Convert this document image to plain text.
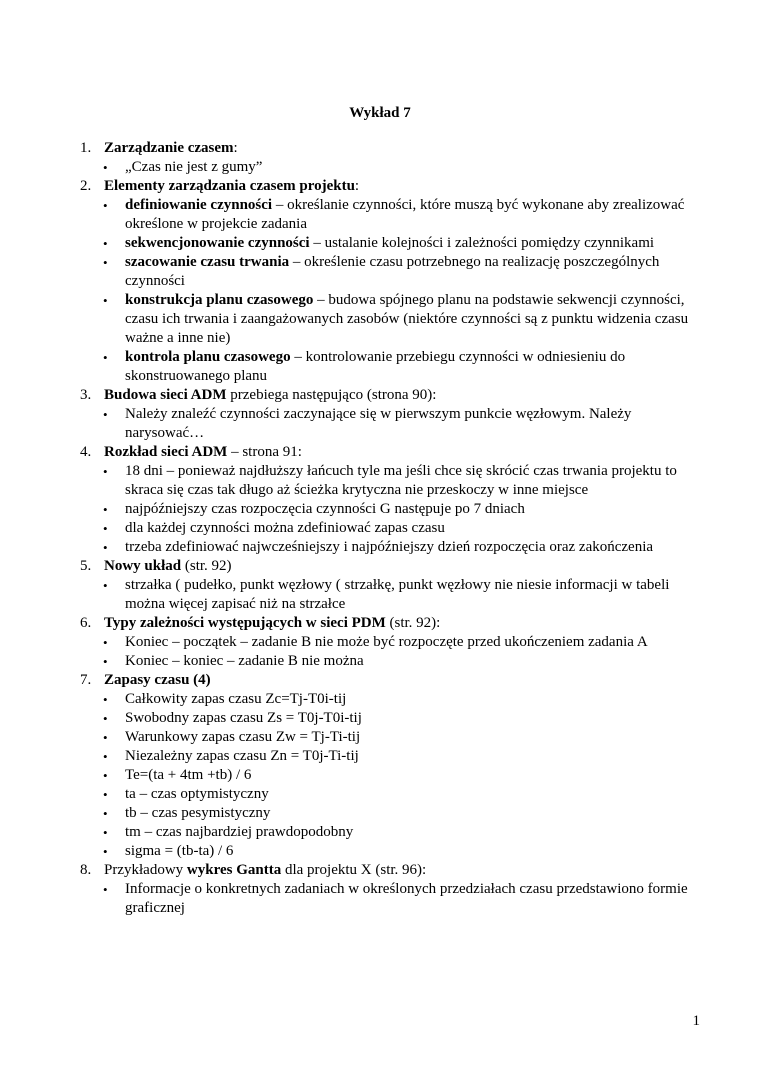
Wykład 7
1. Zarządzanie czasem:
• „Czas nie jest z gumy”
2. Elementy zarządzania czasem projektu:
• definiowanie czynności – określanie czynności, które muszą być wykonane aby zrealizować określone w projekcie zadania
• sekwencjonowanie czynności – ustalanie kolejności i zależności pomiędzy czynnikami
• szacowanie czasu trwania – określenie czasu potrzebnego na realizację poszczególnych czynności
• konstrukcja planu czasowego – budowa spójnego planu na podstawie sekwencji czynności, czasu ich trwania i zaangażowanych zasobów (niektóre czynności są z punktu widzenia czasu ważne a inne nie)
• kontrola planu czasowego – kontrolowanie przebiegu czynności w odniesieniu do skonstruowanego planu
3. Budowa sieci ADM przebiega następująco (strona 90):
• Należy znaleźć czynności zaczynające się w pierwszym punkcie węzłowym. Należy narysować…
4. Rozkład sieci ADM – strona 91:
• 18 dni – ponieważ najdłuższy łańcuch tyle ma jeśli chce się skrócić czas trwania projektu to skraca się czas tak długo aż ścieżka krytyczna nie przeskoczy w inne miejsce
• najpóźniejszy czas rozpoczęcia czynności G następuje po 7 dniach
• dla każdej czynności można zdefiniować zapas czasu
• trzeba zdefiniować najwcześniejszy i najpóźniejszy dzień rozpoczęcia oraz zakończenia
5. Nowy układ (str. 92)
• strzałka ( pudełko, punkt węzłowy ( strzałkę, punkt węzłowy nie niesie informacji w tabeli można więcej zapisać niż na strzałce
6. Typy zależności występujących w sieci PDM (str. 92):
• Koniec – początek – zadanie B nie może być rozpoczęte przed ukończeniem zadania A
• Koniec – koniec – zadanie B nie można
7. Zapasy czasu (4)
• Całkowity zapas czasu Zc=Tj-T0i-tij
• Swobodny zapas czasu Zs = T0j-T0i-tij
• Warunkowy zapas czasu Zw = Tj-Ti-tij
• Niezależny zapas czasu Zn = T0j-Ti-tij
• Te=(ta + 4tm +tb) / 6
• ta – czas optymistyczny
• tb – czas pesymistyczny
• tm – czas najbardziej prawdopodobny
• sigma = (tb-ta) / 6
8. Przykładowy wykres Gantta dla projektu X (str. 96):
• Informacje o konkretnych zadaniach w określonych przedziałach czasu przedstawiono formie graficznej
1
